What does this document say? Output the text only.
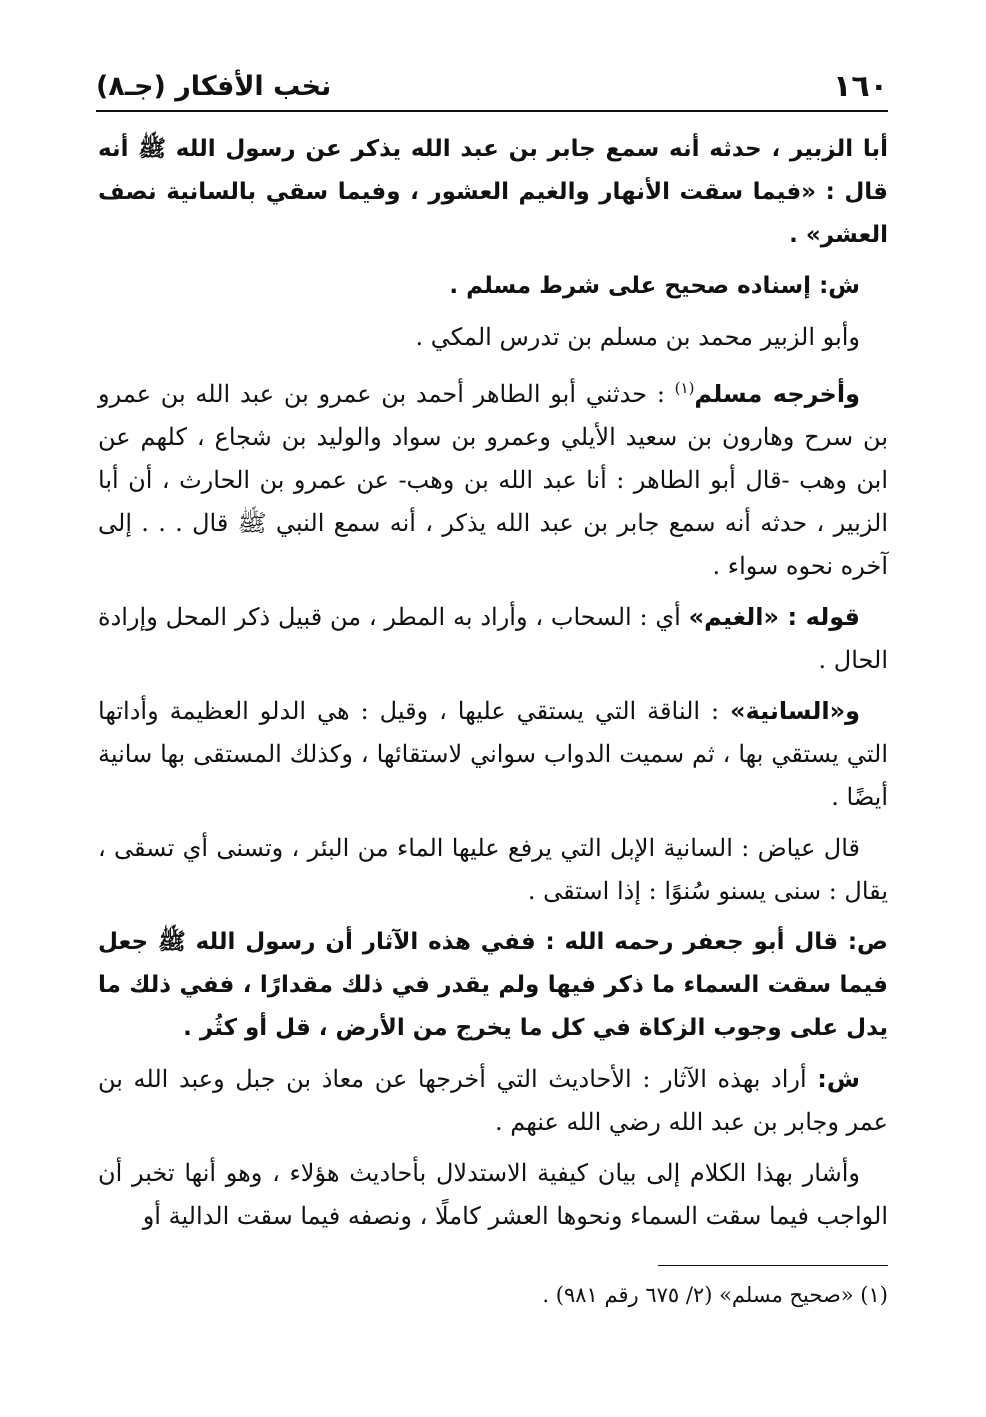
١٦٠
نخب الأفكار (جـ٨)

أبا الزبير ، حدثه أنه سمع جابر بن عبد الله يذكر عن رسول الله ﷺ أنه قال : «فيما سقت الأنهار والغيم العشور ، وفيما سقي بالسانية نصف العشر» .

ش: إسناده صحيح على شرط مسلم .

وأبو الزبير محمد بن مسلم بن تدرس المكي .

وأخرجه مسلم$^{(١)}$ : حدثني أبو الطاهر أحمد بن عمرو بن عبد الله بن عمرو بن سرح وهارون بن سعيد الأيلي وعمرو بن سواد والوليد بن شجاع ، كلهم عن ابن وهب -قال أبو الطاهر : أنا عبد الله بن وهب- عن عمرو بن الحارث ، أن أبا الزبير ، حدثه أنه سمع جابر بن عبد الله يذكر ، أنه سمع النبي ﷺ قال . . . إلى آخره نحوه سواء .

قوله : «الغيم» أي : السحاب ، وأراد به المطر ، من قبيل ذكر المحل وإرادة الحال .

و«السانية» : الناقة التي يستقي عليها ، وقيل : هي الدلو العظيمة وأداتها التي يستقي بها ، ثم سميت الدواب سواني لاستقائها ، وكذلك المستقى بها سانية أيضًا .

قال عياض : السانية الإبل التي يرفع عليها الماء من البئر ، وتسنى أي تسقى ، يقال : سنى يسنو سُنوًا : إذا استقى .

ص: قال أبو جعفر رحمه الله : ففي هذه الآثار أن رسول الله ﷺ جعل فيما سقت السماء ما ذكر فيها ولم يقدر في ذلك مقدارًا ، ففي ذلك ما يدل على وجوب الزكاة في كل ما يخرج من الأرض ، قل أو كثُر .

ش: أراد بهذه الآثار : الأحاديث التي أخرجها عن معاذ بن جبل وعبد الله بن عمر وجابر بن عبد الله رضي الله عنهم .

وأشار بهذا الكلام إلى بيان كيفية الاستدلال بأحاديث هؤلاء ، وهو أنها تخبر أن الواجب فيما سقت السماء ونحوها العشر كاملًا ، ونصفه فيما سقت الدالية أو

(١) «صحيح مسلم» (٢/ ٦٧٥ رقم ٩٨١) .
